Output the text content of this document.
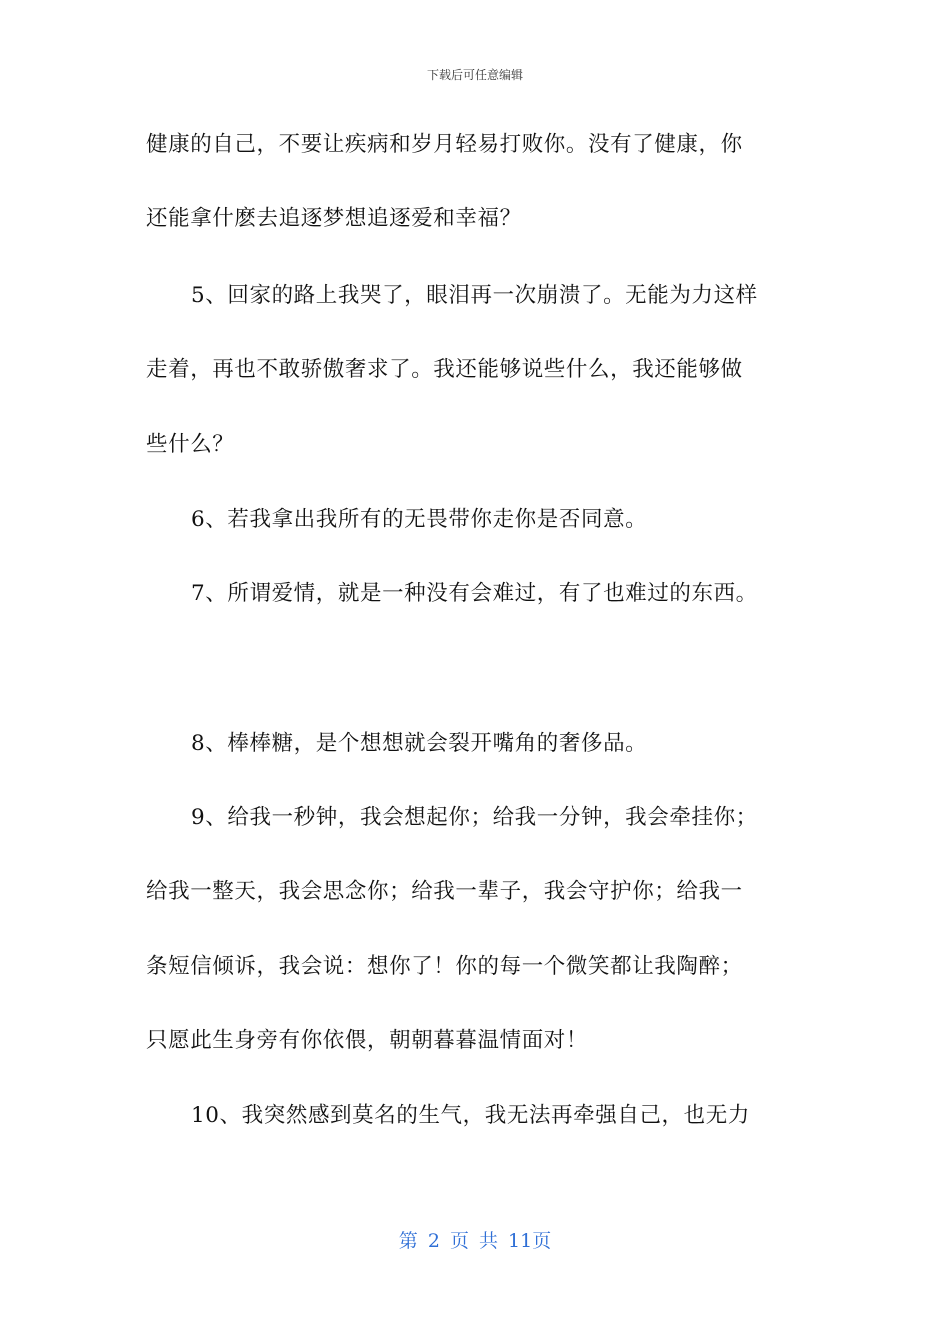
下载后可任意编辑
健康的自己，不要让疾病和岁月轻易打败你。没有了健康，你
还能拿什麽去追逐梦想追逐爱和幸福？
5、回家的路上我哭了，眼泪再一次崩溃了。无能为力这样
走着，再也不敢骄傲奢求了。我还能够说些什么，我还能够做
些什么？
6、若我拿出我所有的无畏带你走你是否同意。
7、所谓爱情，就是一种没有会难过，有了也难过的东西。
8、棒棒糖，是个想想就会裂开嘴角的奢侈品。
9、给我一秒钟，我会想起你；给我一分钟，我会牵挂你；
给我一整天，我会思念你；给我一辈子，我会守护你；给我一
条短信倾诉，我会说：想你了！你的每一个微笑都让我陶醉；
只愿此生身旁有你依偎，朝朝暮暮温情面对！
10、我突然感到莫名的生气，我无法再牵强自己，也无力
第 2 页 共 11页
